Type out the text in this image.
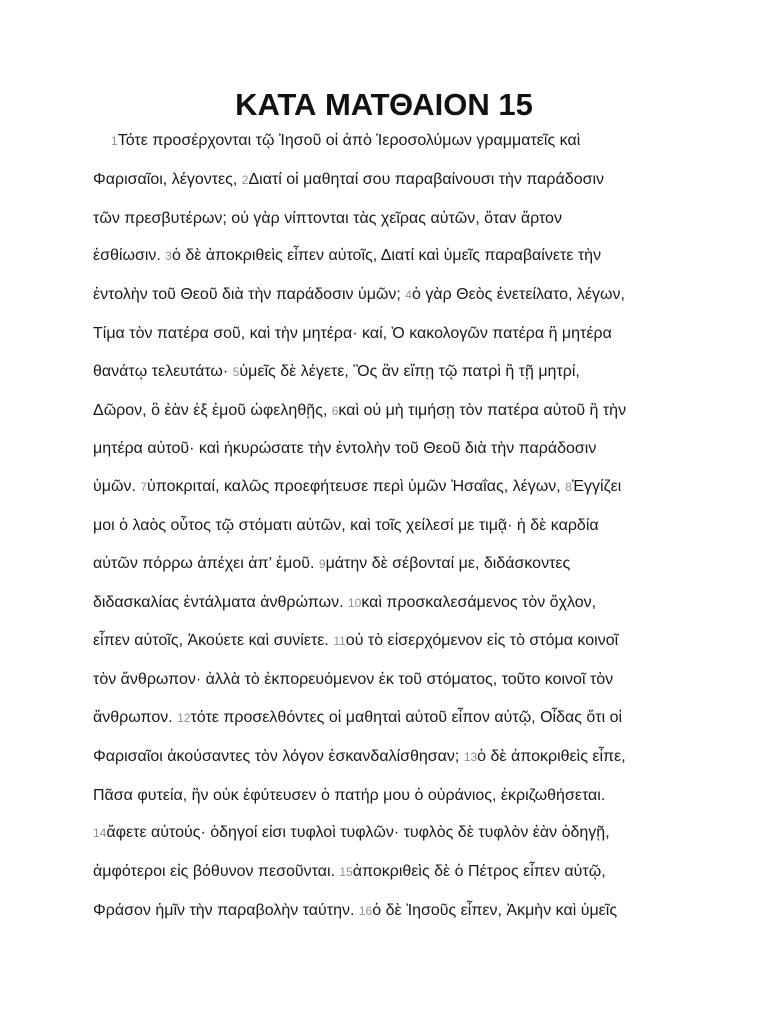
ΚΑΤΑ ΜΑΤΘΑΙΟΝ 15
1Τότε προσέρχονται τῷ Ἰησοῦ οἱ ἀπὸ Ἱεροσολύμων γραμματεῖς καὶ
Φαρισαῖοι, λέγοντες, 2Διατί οἱ μαθηταί σου παραβαίνουσι τὴν παράδοσιν
τῶν πρεσβυτέρων; οὐ γὰρ νίπτονται τὰς χεῖρας αὐτῶν, ὅταν ἄρτον
ἐσθίωσιν. 3ὁ δὲ ἀποκριθεὶς εἶπεν αὐτοῖς, Διατί καὶ ὑμεῖς παραβαίνετε τὴν
ἐντολὴν τοῦ Θεοῦ διὰ τὴν παράδοσιν ὑμῶν; 4ὁ γὰρ Θεὸς ἐνετείλατο, λέγων,
Τίμα τὸν πατέρα σοῦ, καὶ τὴν μητέρα· καί, Ὁ κακολογῶν πατέρα ἢ μητέρα
θανάτῳ τελευτάτω· 5ὑμεῖς δὲ λέγετε, Ὃς ἂν εἴπῃ τῷ πατρὶ ἢ τῇ μητρί,
Δῶρον, ὃ ἐὰν ἐξ ἐμοῦ ὠφεληθῇς, 6καὶ οὐ μὴ τιμήσῃ τὸν πατέρα αὐτοῦ ἢ τὴν
μητέρα αὐτοῦ· καὶ ἠκυρώσατε τὴν ἐντολὴν τοῦ Θεοῦ διὰ τὴν παράδοσιν
ὑμῶν. 7ὑποκριταί, καλῶς προεφήτευσε περὶ ὑμῶν Ἠσαΐας, λέγων, 8Ἐγγίζει
μοι ὁ λαὸς οὗτος τῷ στόματι αὐτῶν, καὶ τοῖς χείλεσί με τιμᾷ· ἡ δὲ καρδία
αὐτῶν πόρρω ἀπέχει ἀπ’ ἐμοῦ. 9μάτην δὲ σέβονταί με, διδάσκοντες
διδασκαλίας ἐντάλματα ἀνθρώπων. 10καὶ προσκαλεσάμενος τὸν ὄχλον,
εἶπεν αὐτοῖς, Ἀκούετε καὶ συνίετε. 11οὐ τὸ εἰσερχόμενον εἰς τὸ στόμα κοινοῖ
τὸν ἄνθρωπον· ἀλλὰ τὸ ἐκπορευόμενον ἐκ τοῦ στόματος, τοῦτο κοινοῖ τὸν
ἄνθρωπον. 12τότε προσελθόντες οἱ μαθηταὶ αὐτοῦ εἶπον αὐτῷ, Οἶδας ὅτι οἱ
Φαρισαῖοι ἀκούσαντες τὸν λόγον ἐσκανδαλίσθησαν; 13ὁ δὲ ἀποκριθεὶς εἶπε,
Πᾶσα φυτεία, ἣν οὐκ ἐφύτευσεν ὁ πατήρ μου ὁ οὐράνιος, ἐκριζωθήσεται.
14ἄφετε αὐτούς· ὁδηγοί εἰσι τυφλοὶ τυφλῶν· τυφλὸς δὲ τυφλὸν ἐὰν ὁδηγῇ,
ἀμφότεροι εἰς βόθυνον πεσοῦνται. 15ἀποκριθεὶς δὲ ὁ Πέτρος εἶπεν αὐτῷ,
Φράσον ἡμῖν τὴν παραβολὴν ταύτην. 16ὁ δὲ Ἰησοῦς εἶπεν, Ἀκμὴν καὶ ὑμεῖς
